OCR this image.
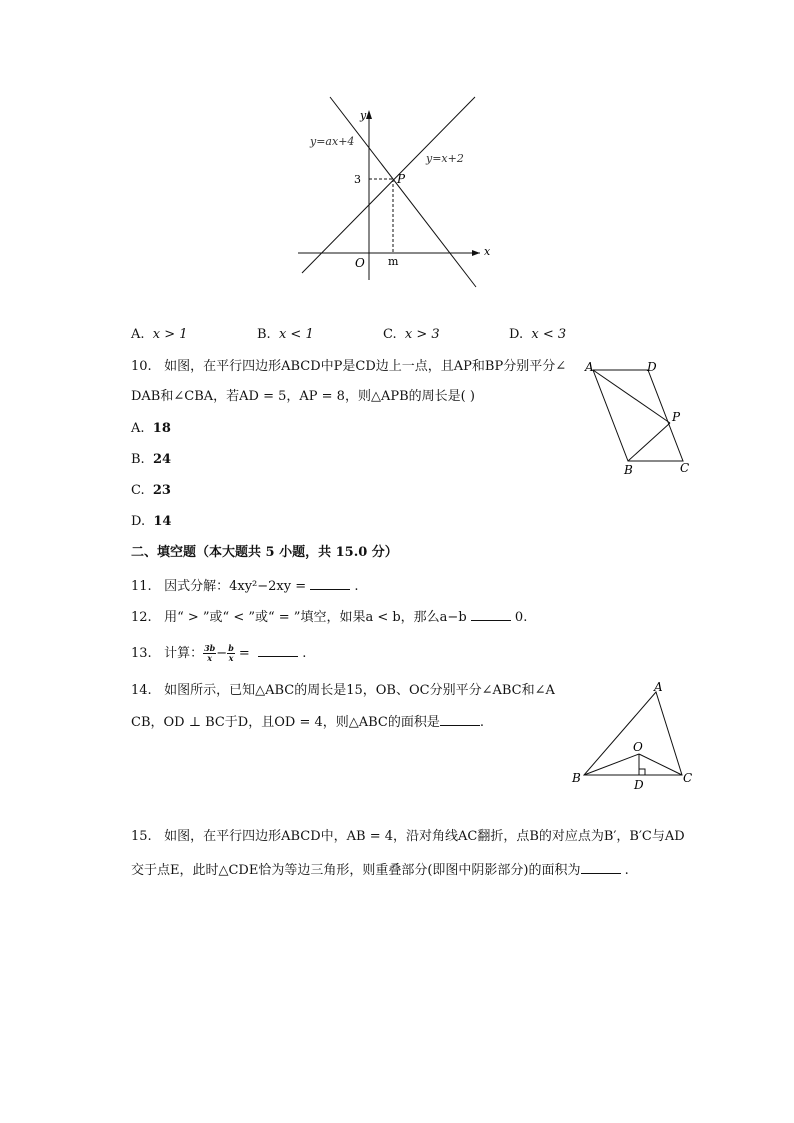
y
x
y=ax+4
y=x+2
P
3
O m
A. x > 1	B. x < 1	C. x > 3	D. x < 3
10. 如图，在平行四边形ABCD中P是CD边上一点，且AP和BP分别平分∠
DAB和∠CBA，若AD = 5，AP = 8，则△APB的周长是( )
A. 18
B. 24
C. 23
D. 14
A	D
P
B	C
二、填空题（本大题共 5 小题，共 15.0 分）
11. 因式分解：4xy²−2xy =	.
12. 用“ > ”或“ < ”或“ = ”填空，如果a < b，那么a−b	0.
13. 计算： $\frac{3b}{x} - \frac{b}{x}$ =	.
14. 如图所示，已知△ABC的周长是15，OB、OC分别平分∠ABC和∠A
CB，OD ⊥ BC于D，且OD = 4，则△ABC的面积是	.
A
O
B	C
D
15. 如图，在平行四边形ABCD中，AB = 4，沿对角线AC翻折，点B的对应点为B′，B′C与AD
交于点E，此时△CDE恰为等边三角形，则重叠部分(即图中阴影部分)的面积为	.
